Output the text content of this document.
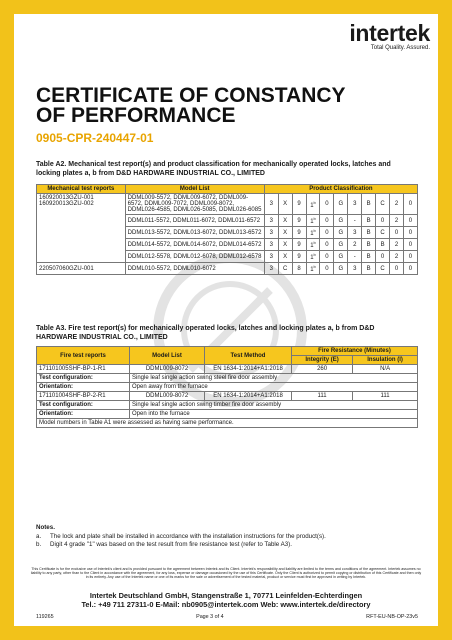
intertek
Total Quality. Assured.
CERTIFICATE OF CONSTANCY
OF PERFORMANCE
0905-CPR-240447-01
Table A2. Mechanical test report(s) and product classification for mechanically operated locks, latches and locking plates a, b from D&D HARDWARE INDUSTRIAL CO., LIMITED
Mechanical test reports	Model List	Product Classification										
160920013GZU-001
160920013GZU-002	DDML009-5572, DDML009-6072, DDML009-6572, DDML009-7072, DDML009-8072, DDML026-4585, DDML026-5085, DDML026-6085	3	X	9	1$^b$	0	G	3	B	C	2	0
	DDML011-5572, DDML011-6072, DDML011-6572	3	X	9	1$^b$	0	G	-	B	0	2	0
	DDML013-5572, DDML013-6072, DDML013-6572	3	X	9	1$^b$	0	G	3	B	C	0	0
	DDML014-5572, DDML014-6072, DDML014-6572	3	X	9	1$^b$	0	G	2	B	B	2	0
	DDML012-5578, DDML012-6078, DDML012-6578	3	X	9	1$^b$	0	G	-	B	0	2	0
220507060GZU-001	DDML010-5572, DDML010-6072	3	C	8	1$^b$	0	G	3	B	C	0	0
Table A3. Fire test report(s) for mechanically operated locks, latches and locking plates a, b from D&D HARDWARE INDUSTRIAL CO., LIMITED
Fire test reports	Model List	Test Method	Fire Resistance (Minutes)	
			Integrity (E)	Insulation (I)
171101005SHF-BP-1-R1	DDML009-8072	EN 1634-1:2014+A1:2018	260	N/A
Test configuration:	Single leaf single action swing steel fire door assembly			
Orientation:	Open away from the furnace			
171101004SHF-BP-2-R1	DDML009-8072	EN 1634-1:2014+A1:2018	111	111
Test configuration:	Single leaf single action swing timber fire door assembly			
Orientation:	Open into the furnace			
Model numbers in Table A1 were assessed as having same performance.				
Notes.
a.	The lock and plate shall be installed in accordance with the installation instructions for the product(s).
b.	Digit 4 grade "1" was based on the test result from fire resistance test (refer to Table A3).
This Certificate is for the exclusive use of Intertek's client and is provided pursuant to the agreement between Intertek and its Client. Intertek's responsibility and liability are limited to the terms and conditions of the agreement. Intertek assumes no liability to any party, other than to the Client in accordance with the agreement, for any loss, expense or damage occasioned by the use of this Certificate. Only the Client is authorized to permit copying or distribution of this Certificate and then only in its entirety. Any use of the Intertek name or one of its marks for the sale or advertisement of the tested material, product or service must first be approved in writing by Intertek.
Intertek Deutschland GmbH, Stangenstraße 1, 70771 Leinfelden-Echterdingen
Tel.: +49 711 27311-0 E-Mail: nb0905@intertek.com Web: www.intertek.de/directory
119265	Page 3 of 4	RFT-EU-NB-OP-23v5
